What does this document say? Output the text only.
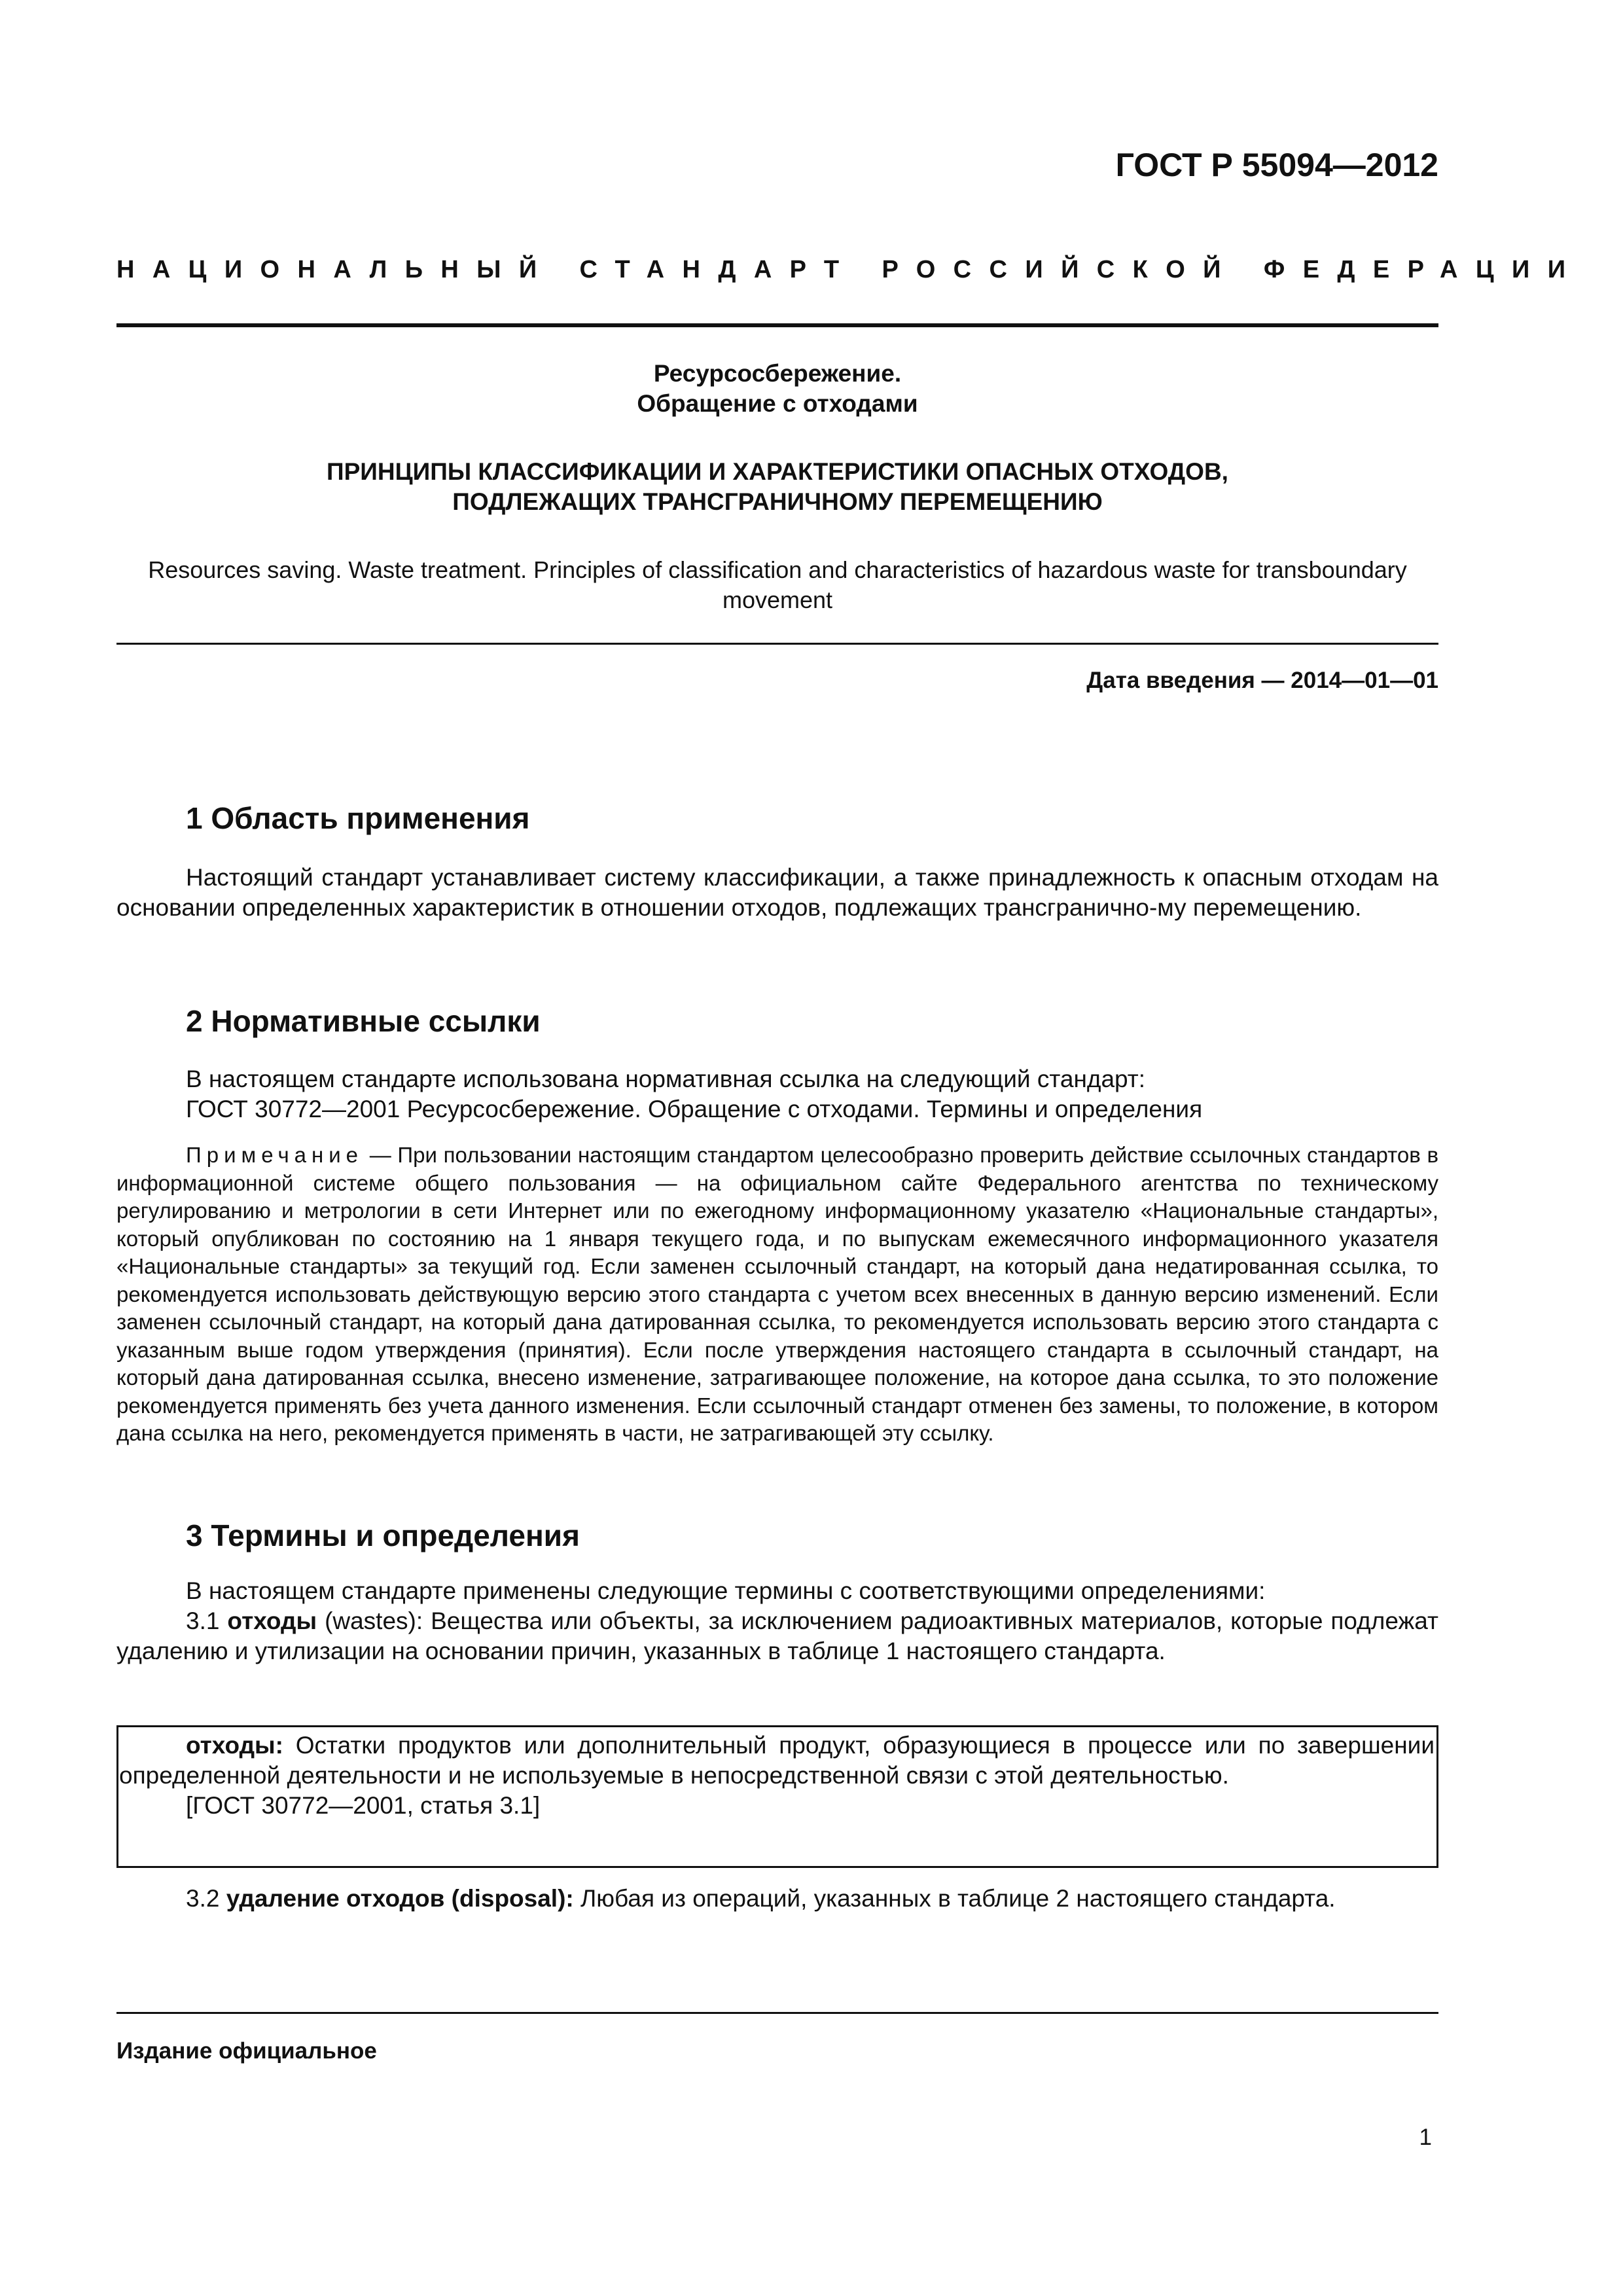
ГОСТ Р 55094—2012
НАЦИОНАЛЬНЫЙ СТАНДАРТ РОССИЙСКОЙ ФЕДЕРАЦИИ
Ресурсосбережение.
Обращение с отходами
ПРИНЦИПЫ КЛАССИФИКАЦИИ И ХАРАКТЕРИСТИКИ ОПАСНЫХ ОТХОДОВ,
ПОДЛЕЖАЩИХ ТРАНСГРАНИЧНОМУ ПЕРЕМЕЩЕНИЮ
Resources saving. Waste treatment. Principles of classification and characteristics of hazardous waste for transboundary
movement
Дата введения — 2014—01—01
1 Область применения
Настоящий стандарт устанавливает систему классификации, а также принадлежность к опасным отходам на основании определенных характеристик в отношении отходов, подлежащих трансгранично-му перемещению.
2 Нормативные ссылки
В настоящем стандарте использована нормативная ссылка на следующий стандарт:
ГОСТ 30772—2001 Ресурсосбережение. Обращение с отходами. Термины и определения
Примечание — При пользовании настоящим стандартом целесообразно проверить действие ссылочных стандартов в информационной системе общего пользования — на официальном сайте Федерального агентства по техническому регулированию и метрологии в сети Интернет или по ежегодному информационному указателю «Национальные стандарты», который опубликован по состоянию на 1 января текущего года, и по выпускам ежемесячного информационного указателя «Национальные стандарты» за текущий год. Если заменен ссылочный стандарт, на который дана недатированная ссылка, то рекомендуется использовать действующую версию этого стандарта с учетом всех внесенных в данную версию изменений. Если заменен ссылочный стандарт, на который дана датированная ссылка, то рекомендуется использовать версию этого стандарта с указанным выше годом утверждения (принятия). Если после утверждения настоящего стандарта в ссылочный стандарт, на который дана датированная ссылка, внесено изменение, затрагивающее положение, на которое дана ссылка, то это положение рекомендуется применять без учета данного изменения. Если ссылочный стандарт отменен без замены, то положение, в котором дана ссылка на него, рекомендуется применять в части, не затрагивающей эту ссылку.
3 Термины и определения
В настоящем стандарте применены следующие термины с соответствующими определениями:
3.1 отходы (wastes): Вещества или объекты, за исключением радиоактивных материалов, которые подлежат удалению и утилизации на основании причин, указанных в таблице 1 настоящего стандарта.
отходы: Остатки продуктов или дополнительный продукт, образующиеся в процессе или по завершении определенной деятельности и не используемые в непосредственной связи с этой деятельностью.
[ГОСТ 30772—2001, статья 3.1]
3.2 удаление отходов (disposal): Любая из операций, указанных в таблице 2 настоящего стандарта.
Издание официальное
1
